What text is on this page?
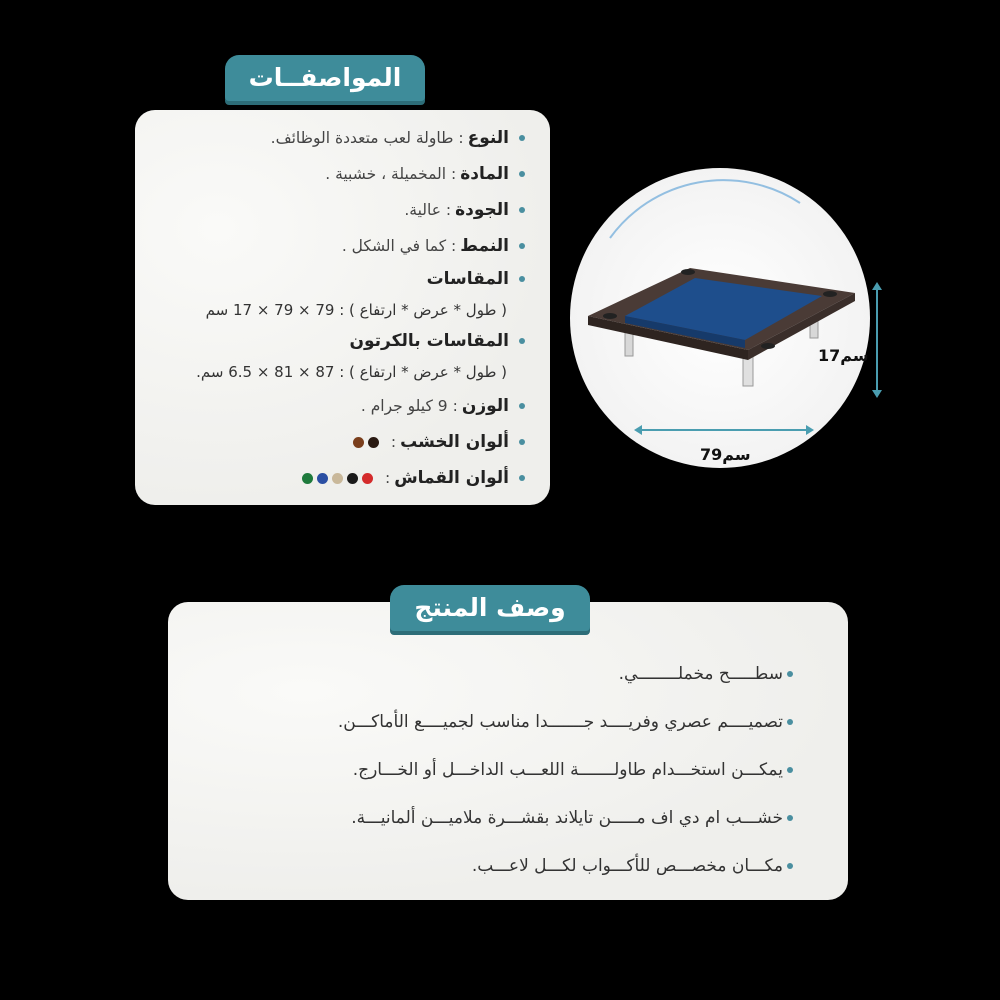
النوع
: طاولة لعب متعددة الوظائف.
المادة
: المخميلة ، خشبية .
الجودة
: عالية.
النمط
: كما في الشكل .
المقاسات
( طول * عرض * ارتفاع ) : 79 × 79 × 17 سم
المقاسات بالكرتون
( طول * عرض * ارتفاع ) : 87 × 81 × 6.5 سم.
الوزن
: 9 كيلو جرام .
ألوان الخشب
:
ألوان القماش
:
المواصفــات
17سم
79سم
سطـــــح مخملــــــــي.
تصميــــم عصري وفريــــد جـــــــدا مناسب لجميــــع الأماكـــن.
يمكـــن استخـــدام طاولـــــــة اللعـــب الداخـــل أو الخـــارج.
خشـــب ام دي اف مـــــن تايلاند بقشـــرة ملاميـــن ألمانيـــة.
مكـــان مخصـــص للأكـــواب لكـــل لاعـــب.
وصف المنتج
